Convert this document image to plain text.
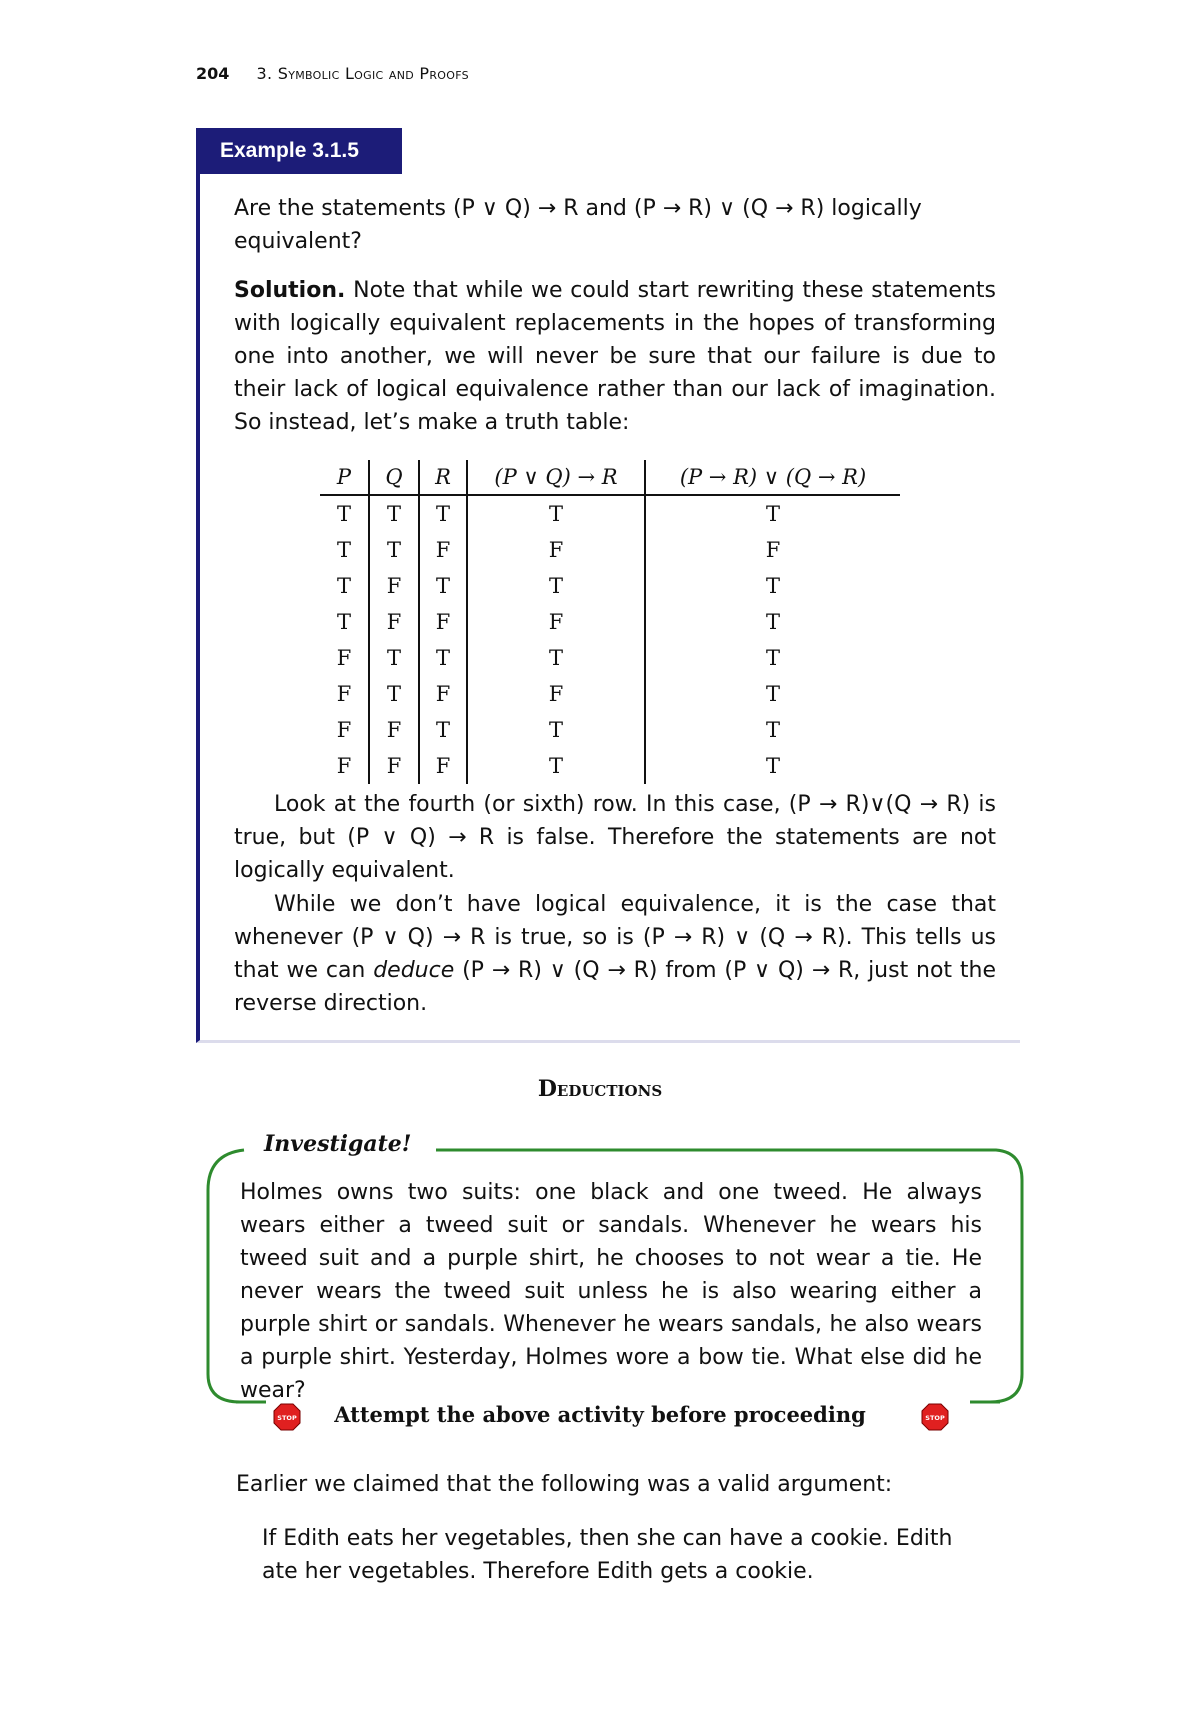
204 3. Symbolic Logic and Proofs
Example 3.1.5
Are the statements (P ∨ Q) → R and (P → R) ∨ (Q → R) logically
equivalent?
Solution. Note that while we could start rewriting these statements with logically equivalent replacements in the hopes of transforming one into another, we will never be sure that our failure is due to their lack of logical equivalence rather than our lack of imagination. So instead, let’s make a truth table:
P	Q	R	(P ∨ Q) → R	(P → R) ∨ (Q → R)
T	T	T	T	T
T	T	F	F	F
T	F	T	T	T
T	F	F	F	T
F	T	T	T	T
F	T	F	F	T
F	F	T	T	T
F	F	F	T	T
Look at the fourth (or sixth) row. In this case, (P → R)∨(Q → R) is true, but (P ∨ Q) → R is false. Therefore the statements are not logically equivalent.
While we don’t have logical equivalence, it is the case that whenever (P ∨ Q) → R is true, so is (P → R) ∨ (Q → R). This tells us that we can deduce (P → R) ∨ (Q → R) from (P ∨ Q) → R, just not the reverse direction.
Deductions
Investigate!
Holmes owns two suits: one black and one tweed. He always wears either a tweed suit or sandals. Whenever he wears his tweed suit and a purple shirt, he chooses to not wear a tie. He never wears the tweed suit unless he is also wearing either a purple shirt or sandals. Whenever he wears sandals, he also wears a purple shirt. Yesterday, Holmes wore a bow tie. What else did he wear?
STOP	Attempt the above activity before proceeding	STOP
Earlier we claimed that the following was a valid argument:
If Edith eats her vegetables, then she can have a cookie. Edith ate her vegetables. Therefore Edith gets a cookie.
